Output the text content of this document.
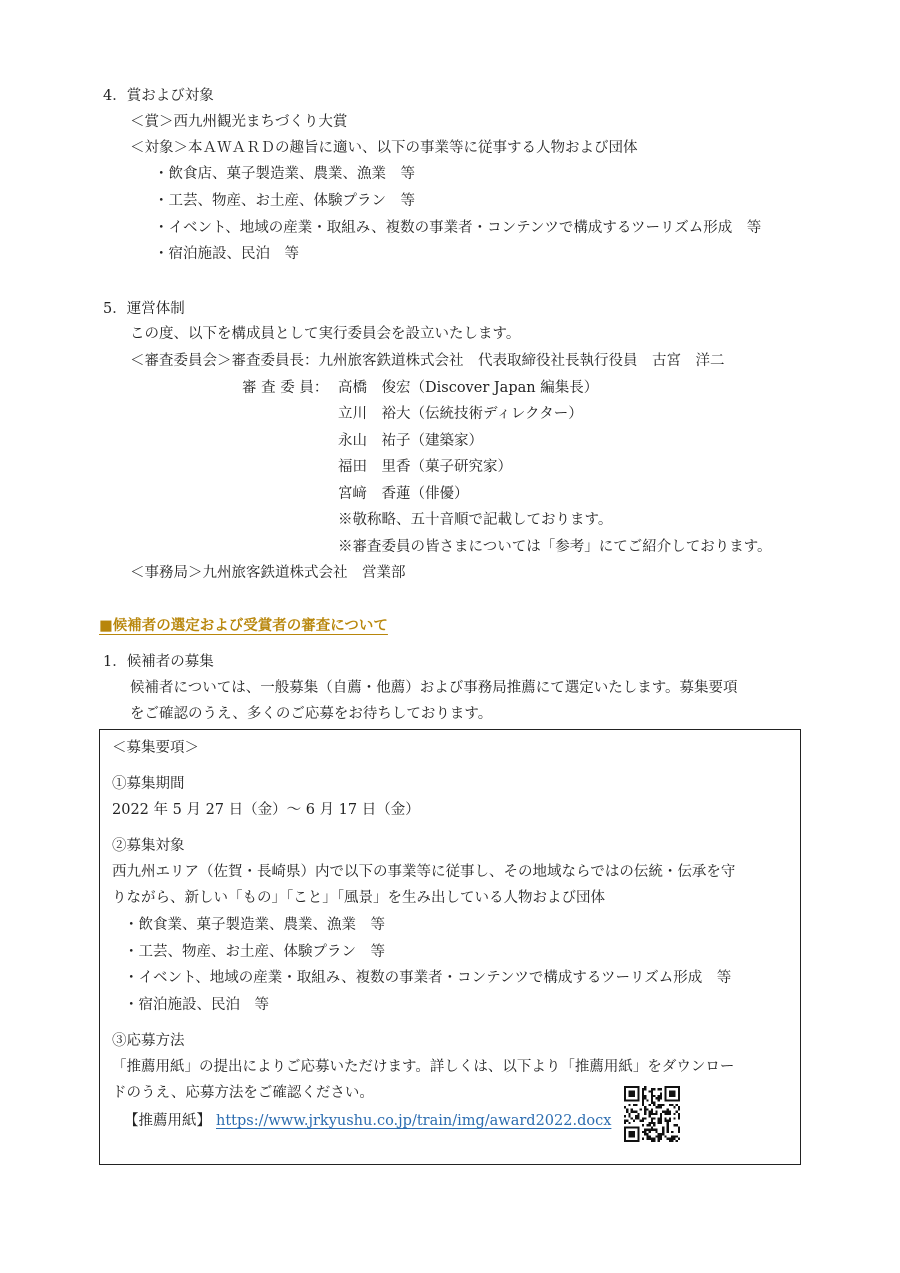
4．賞および対象
＜賞＞西九州観光まちづくり大賞
＜対象＞本ＡＷＡＲＤの趣旨に適い、以下の事業等に従事する人物および団体
・飲食店、菓子製造業、農業、漁業　等
・工芸、物産、お土産、体験プラン　等
・イベント、地域の産業・取組み、複数の事業者・コンテンツで構成するツーリズム形成　等
・宿泊施設、民泊　等
5．運営体制
この度、以下を構成員として実行委員会を設立いたします。
＜審査委員会＞審査委員長：九州旅客鉄道株式会社　代表取締役社長執行役員　古宮　洋二
審 査 委 員： 高橋　俊宏（Discover Japan 編集長）
立川　裕大（伝統技術ディレクター）
永山　祐子（建築家）
福田　里香（菓子研究家）
宮﨑　香蓮（俳優）
※敬称略、五十音順で記載しております。
※審査委員の皆さまについては「参考」にてご紹介しております。
＜事務局＞九州旅客鉄道株式会社　営業部
■候補者の選定および受賞者の審査について
1．候補者の募集
候補者については、一般募集（自薦・他薦）および事務局推薦にて選定いたします。募集要項
をご確認のうえ、多くのご応募をお待ちしております。
＜募集要項＞
①募集期間
2022 年 5 月 27 日（金）～ 6 月 17 日（金）
②募集対象
西九州エリア（佐賀・長崎県）内で以下の事業等に従事し、その地域ならではの伝統・伝承を守
りながら、新しい「もの」「こと」「風景」を生み出している人物および団体
・飲食業、菓子製造業、農業、漁業　等
・工芸、物産、お土産、体験プラン　等
・イベント、地域の産業・取組み、複数の事業者・コンテンツで構成するツーリズム形成　等
・宿泊施設、民泊　等
③応募方法
「推薦用紙」の提出によりご応募いただけます。詳しくは、以下より「推薦用紙」をダウンロー
ドのうえ、応募方法をご確認ください。
【推薦用紙】 https://www.jrkyushu.co.jp/train/img/award2022.docx
